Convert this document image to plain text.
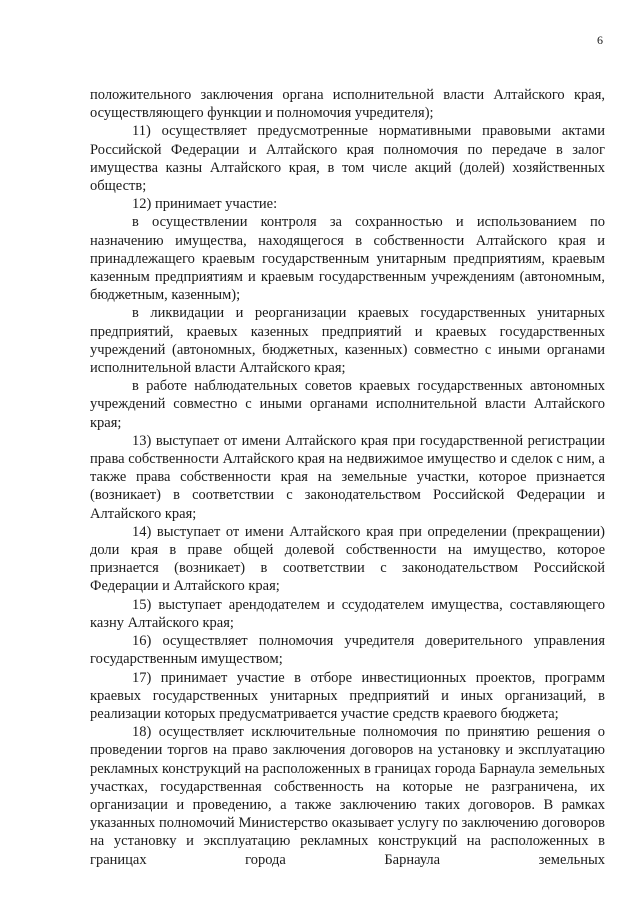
6

положительного заключения органа исполнительной власти Алтайского края, осуществляющего функции и полномочия учредителя);

11) осуществляет предусмотренные нормативными правовыми актами Российской Федерации и Алтайского края полномочия по передаче в залог имущества казны Алтайского края, в том числе акций (долей) хозяйственных обществ;

12) принимает участие:

в осуществлении контроля за сохранностью и использованием по назначению имущества, находящегося в собственности Алтайского края и принадлежащего краевым государственным унитарным предприятиям, краевым казенным предприятиям и краевым государственным учреждениям (автономным, бюджетным, казенным);

в ликвидации и реорганизации краевых государственных унитарных предприятий, краевых казенных предприятий и краевых государственных учреждений (автономных, бюджетных, казенных) совместно с иными органами исполнительной власти Алтайского края;

в работе наблюдательных советов краевых государственных автономных учреждений совместно с иными органами исполнительной власти Алтайского края;

13) выступает от имени Алтайского края при государственной регистрации права собственности Алтайского края на недвижимое имущество и сделок с ним, а также права собственности края на земельные участки, которое признается (возникает) в соответствии с законодательством Российской Федерации и Алтайского края;

14) выступает от имени Алтайского края при определении (прекращении) доли края в праве общей долевой собственности на имущество, которое признается (возникает) в соответствии с законодательством Российской Федерации и Алтайского края;

15) выступает арендодателем и ссудодателем имущества, составляющего казну Алтайского края;

16) осуществляет полномочия учредителя доверительного управления государственным имуществом;

17) принимает участие в отборе инвестиционных проектов, программ краевых государственных унитарных предприятий и иных организаций, в реализации которых предусматривается участие средств краевого бюджета;

18) осуществляет исключительные полномочия по принятию решения о проведении торгов на право заключения договоров на установку и эксплуатацию рекламных конструкций на расположенных в границах города Барнаула земельных участках, государственная собственность на которые не разграничена, их организации и проведению, а также заключению таких договоров. В рамках указанных полномочий Министерство оказывает услугу по заключению договоров на установку и эксплуатацию рекламных конструкций на расположенных в границах города Барнаула земельных
